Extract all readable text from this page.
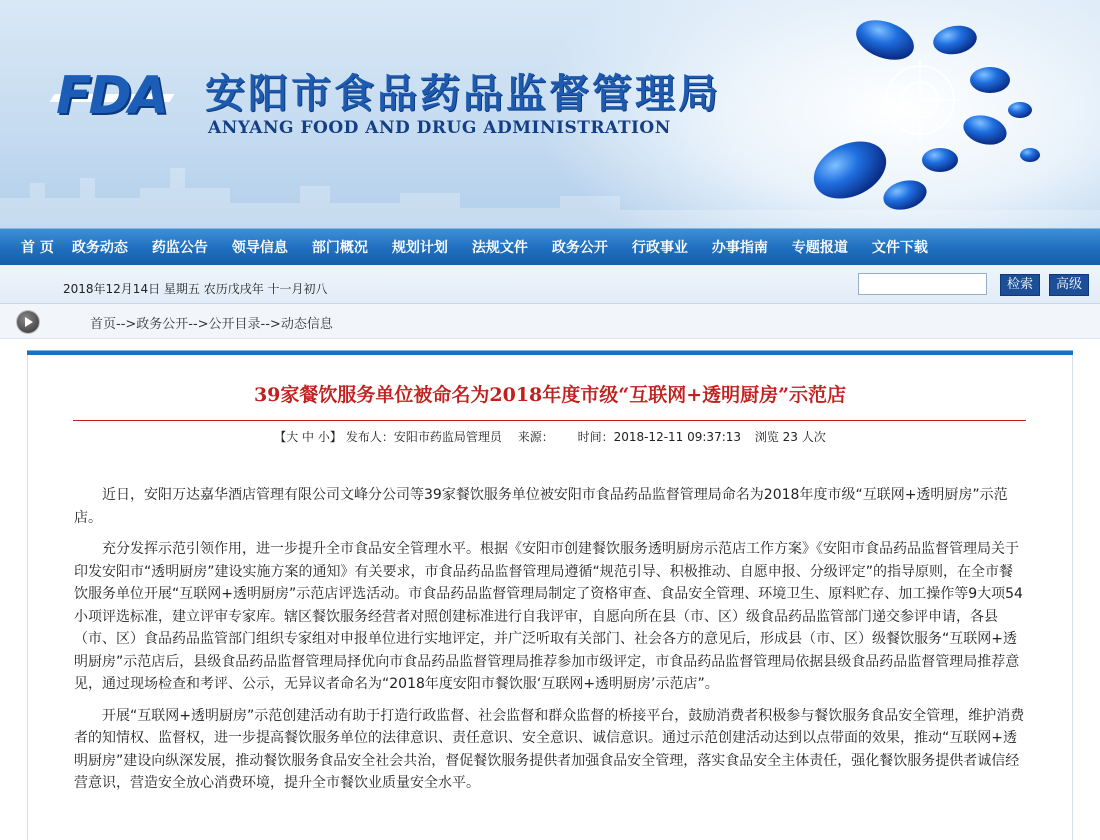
FDA 安阳市食品药品监督管理局
ANYANG FOOD AND DRUG ADMINISTRATION
首 页 政务动态 药监公告 领导信息 部门概况 规划计划 法规文件 政务公开 行政事业 办事指南 专题报道 文件下载
2018年12月14日 星期五 农历戊戌年 十一月初八	检索	高级
首页-->政务公开-->公开目录-->动态信息
39家餐饮服务单位被命名为2018年度市级“互联网+透明厨房”示范店
【大 中 小】 发布人：安阳市药监局管理员 来源： 时间：2018-12-11 09:37:13 浏览 23 人次

近日，安阳万达嘉华酒店管理有限公司文峰分公司等39家餐饮服务单位被安阳市食品药品监督管理局命名为2018年度市级“互联网+透明厨房”示范店。

充分发挥示范引领作用，进一步提升全市食品安全管理水平。根据《安阳市创建餐饮服务透明厨房示范店工作方案》《安阳市食品药品监督管理局关于印发安阳市“透明厨房”建设实施方案的通知》有关要求，市食品药品监督管理局遵循“规范引导、积极推动、自愿申报、分级评定”的指导原则，在全市餐饮服务单位开展“互联网+透明厨房”示范店评选活动。市食品药品监督管理局制定了资格审查、食品安全管理、环境卫生、原料贮存、加工操作等9大项54小项评选标准，建立评审专家库。辖区餐饮服务经营者对照创建标准进行自我评审，自愿向所在县（市、区）级食品药品监管部门递交参评申请，各县（市、区）食品药品监管部门组织专家组对申报单位进行实地评定，并广泛听取有关部门、社会各方的意见后，形成县（市、区）级餐饮服务“互联网+透明厨房”示范店后，县级食品药品监督管理局择优向市食品药品监督管理局推荐参加市级评定，市食品药品监督管理局依据县级食品药品监督管理局推荐意见，通过现场检查和考评、公示，无异议者命名为“2018年度安阳市餐饮服‘互联网+透明厨房’示范店”。

开展“互联网+透明厨房”示范创建活动有助于打造行政监督、社会监督和群众监督的桥接平台，鼓励消费者积极参与餐饮服务食品安全管理，维护消费者的知情权、监督权，进一步提高餐饮服务单位的法律意识、责任意识、安全意识、诚信意识。通过示范创建活动达到以点带面的效果，推动“互联网+透明厨房”建设向纵深发展，推动餐饮服务食品安全社会共治，督促餐饮服务提供者加强食品安全管理，落实食品安全主体责任，强化餐饮服务提供者诚信经营意识，营造安全放心消费环境，提升全市餐饮业质量安全水平。
